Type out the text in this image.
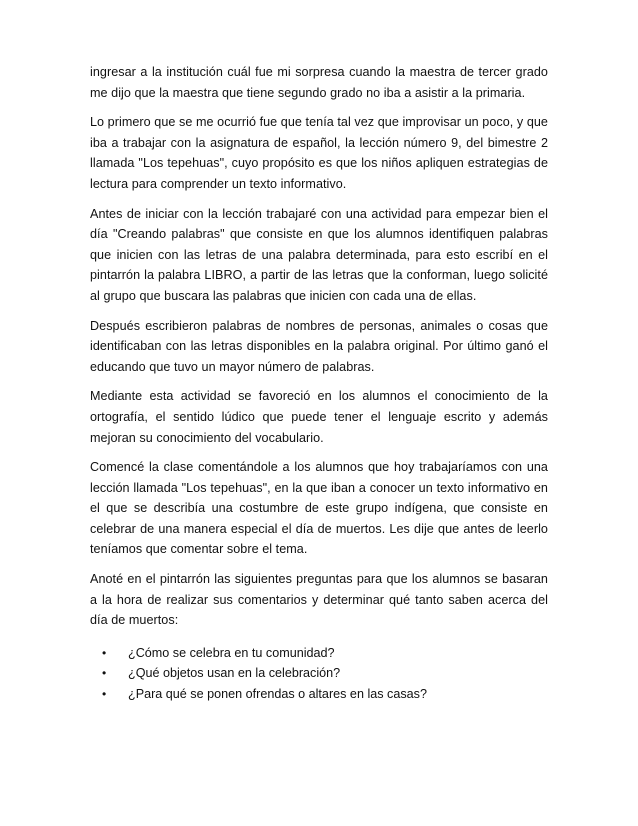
ingresar a la institución cuál fue mi sorpresa cuando la maestra de tercer grado me dijo que la maestra que tiene segundo grado no iba a asistir a la primaria.

Lo primero que se me ocurrió fue que tenía tal vez que improvisar un poco, y que iba a trabajar con la asignatura de español, la lección número 9, del bimestre 2 llamada "Los tepehuas", cuyo propósito es que los niños apliquen estrategias de lectura para comprender un texto informativo.

Antes de iniciar con la lección trabajaré con una actividad para empezar bien el día "Creando palabras" que consiste en que los alumnos identifiquen palabras que inicien con las letras de una palabra determinada, para esto escribí en el pintarrón la palabra LIBRO, a partir de las letras que la conforman, luego solicité al grupo que buscara las palabras que inicien con cada una de ellas.

Después escribieron palabras de nombres de personas, animales o cosas que identificaban con las letras disponibles en la palabra original. Por último ganó el educando que tuvo un mayor número de palabras.

Mediante esta actividad se favoreció en los alumnos el conocimiento de la ortografía, el sentido lúdico que puede tener el lenguaje escrito y además mejoran su conocimiento del vocabulario.

Comencé la clase comentándole a los alumnos que hoy trabajaríamos con una lección llamada "Los tepehuas", en la que iban a conocer un texto informativo en el que se describía una costumbre de este grupo indígena, que consiste en celebrar de una manera especial el día de muertos. Les dije que antes de leerlo teníamos que comentar sobre el tema.

Anoté en el pintarrón las siguientes preguntas para que los alumnos se basaran a la hora de realizar sus comentarios y determinar qué tanto saben acerca del día de muertos:

• ¿Cómo se celebra en tu comunidad?
• ¿Qué objetos usan en la celebración?
• ¿Para qué se ponen ofrendas o altares en las casas?
